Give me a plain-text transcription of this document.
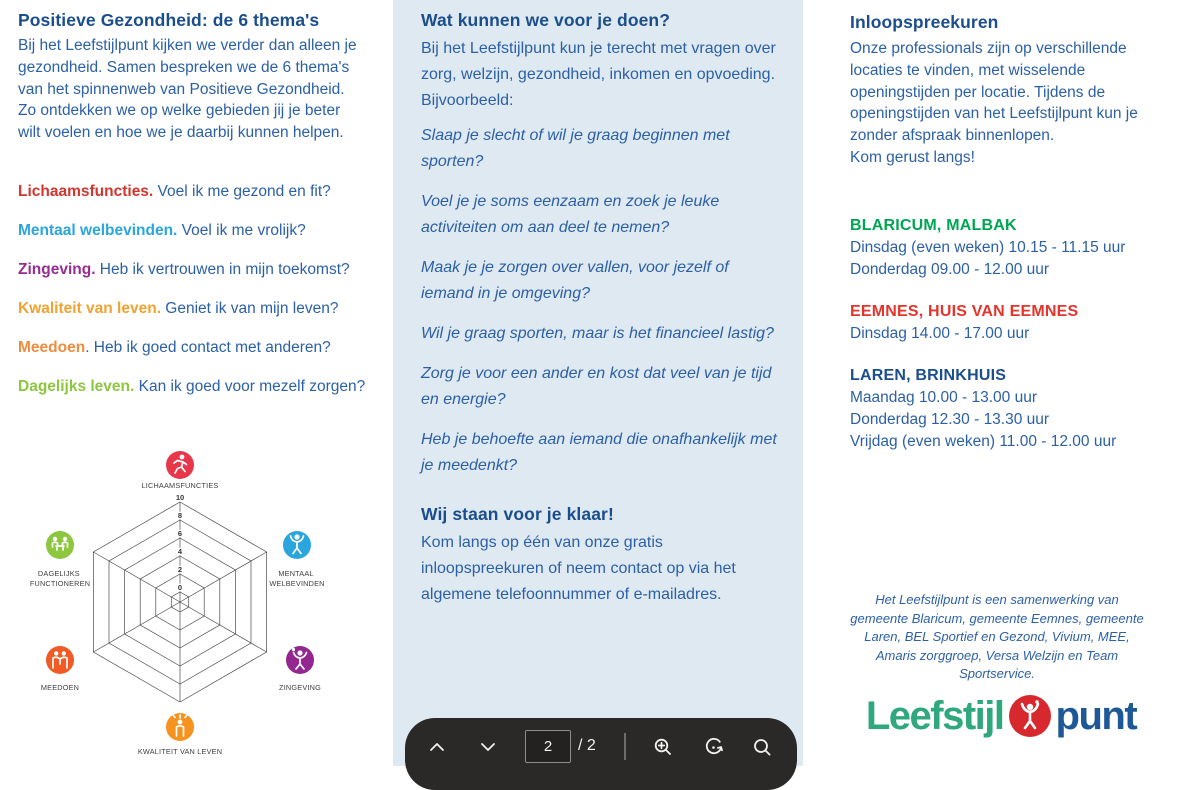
Positieve Gezondheid: de 6 thema's

Bij het Leefstijlpunt kijken we verder dan alleen je gezondheid. Samen bespreken we de 6 thema's van het spinnenweb van Positieve Gezondheid. Zo ontdekken we op welke gebieden jij je beter wilt voelen en hoe we je daarbij kunnen helpen.

Lichaamsfuncties. Voel ik me gezond en fit?

Mentaal welbevinden. Voel ik me vrolijk?

Zingeving. Heb ik vertrouwen in mijn toekomst?

Kwaliteit van leven. Geniet ik van mijn leven?

Meedoen. Heb ik goed contact met anderen?

Dagelijks leven. Kan ik goed voor mezelf zorgen?

10
8
6
4
2
0
LICHAAMSFUNCTIES
MENTAAL WELBEVINDEN
ZINGEVING
KWALITEIT VAN LEVEN
MEEDOEN
DAGELIJKS FUNCTIONEREN
Wat kunnen we voor je doen?

Bij het Leefstijlpunt kun je terecht met vragen over zorg, welzijn, gezondheid, inkomen en opvoeding. Bijvoorbeeld:

Slaap je slecht of wil je graag beginnen met sporten?

Voel je je soms eenzaam en zoek je leuke activiteiten om aan deel te nemen?

Maak je je zorgen over vallen, voor jezelf of iemand in je omgeving?

Wil je graag sporten, maar is het financieel lastig?

Zorg je voor een ander en kost dat veel van je tijd en energie?

Heb je behoefte aan iemand die onafhankelijk met je meedenkt?

Wij staan voor je klaar!

Kom langs op één van onze gratis inloopspreekuren of neem contact op via het algemene telefoonnummer of e-mailadres.

Inloopspreekuren

Onze professionals zijn op verschillende locaties te vinden, met wisselende openingstijden per locatie. Tijdens de openingstijden van het Leefstijlpunt kun je zonder afspraak binnenlopen.

Kom gerust langs!

BLARICUM, MALBAK

Dinsdag (even weken) 10.15 - 11.15 uur

Donderdag 09.00 - 12.00 uur

EEMNES, HUIS VAN EEMNES

Dinsdag 14.00 - 17.00 uur

LAREN, BRINKHUIS

Maandag 10.00 - 13.00 uur

Donderdag 12.30 - 13.30 uur

Vrijdag (even weken) 11.00 - 12.00 uur

Het Leefstijlpunt is een samenwerking van gemeente Blaricum, gemeente Eemnes, gemeente Laren, BEL Sportief en Gezond, Vivium, MEE, Amaris zorggroep, Versa Welzijn en Team Sportservice.

Leefstijl punt
2
/ 2
